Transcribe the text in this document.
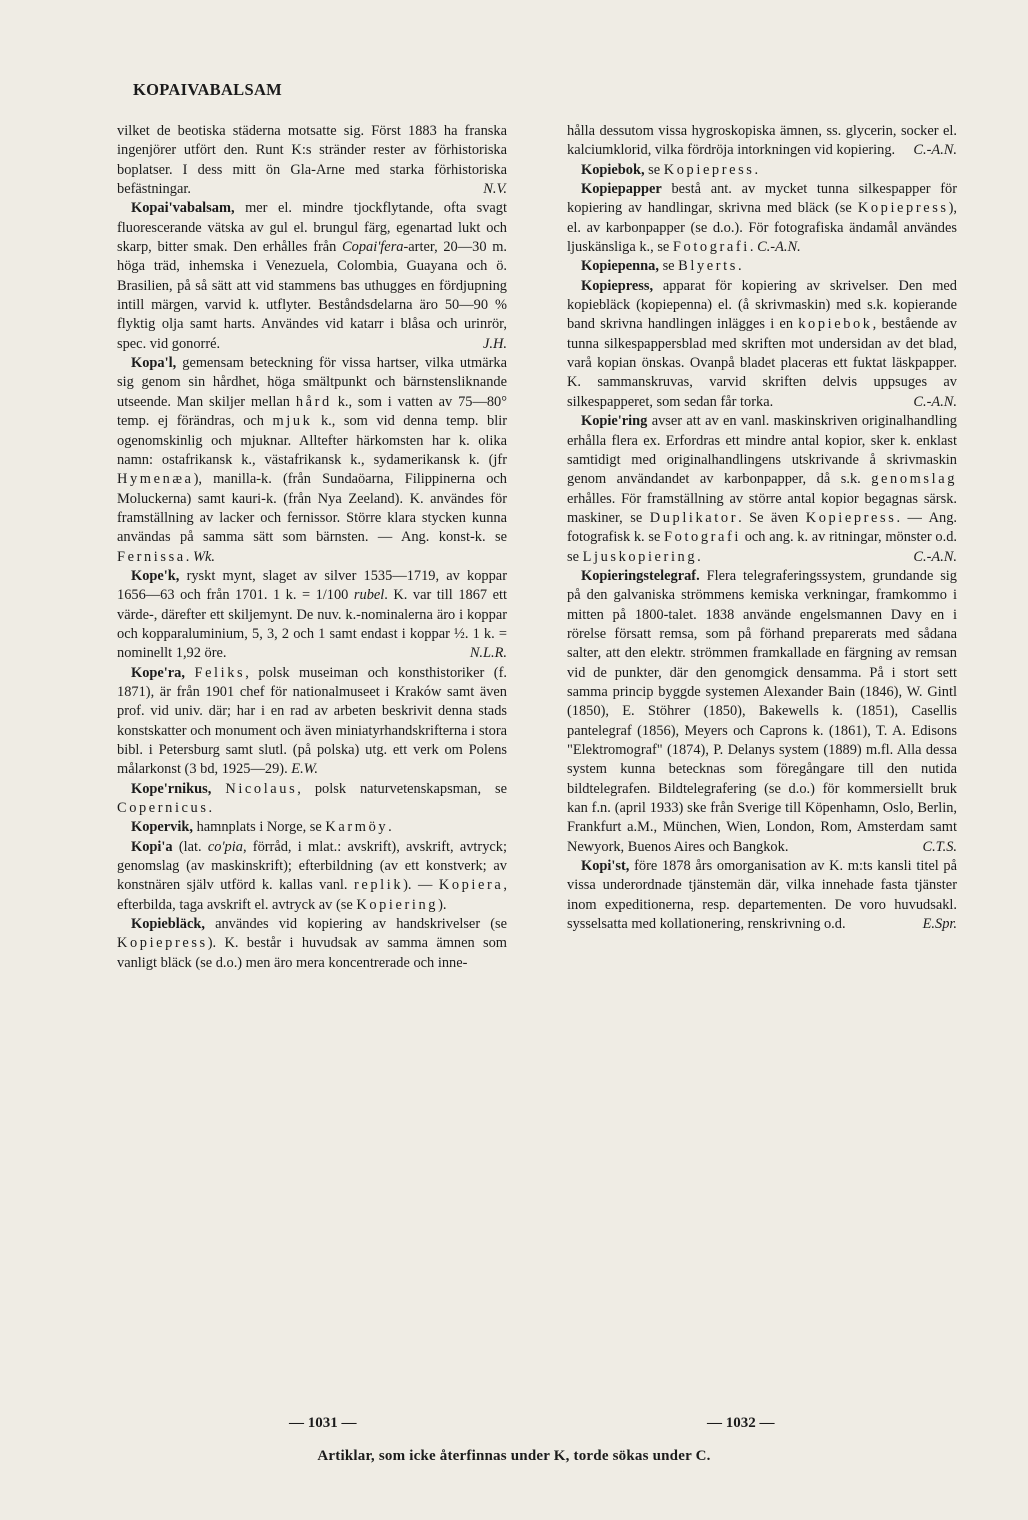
KOPAIVABALSAM

vilket de beotiska städerna motsatte sig. Först 1883 ha franska ingenjörer utfört den. Runt K:s stränder rester av förhistoriska boplatser. I dess mitt ön Gla-Arne med starka förhistoriska befästningar.	N.V.

Kopai'vabalsam, mer el. mindre tjockflytande, ofta svagt fluorescerande vätska av gul el. brungul färg, egenartad lukt och skarp, bitter smak. Den erhålles från Copai'fera-arter, 20—30 m. höga träd, inhemska i Venezuela, Colombia, Guayana och ö. Brasilien, på så sätt att vid stammens bas uthugges en fördjupning intill märgen, varvid k. utflyter. Beståndsdelarna äro 50—90 % flyktig olja samt harts. Användes vid katarr i blåsa och urinrör, spec. vid gonorré.	J.H.

Kopa'l, gemensam beteckning för vissa hartser, vilka utmärka sig genom sin hårdhet, höga smältpunkt och bärnstensliknande utseende. Man skiljer mellan hård k., som i vatten av 75—80° temp. ej förändras, och mjuk k., som vid denna temp. blir ogenomskinlig och mjuknar. Alltefter härkomsten har k. olika namn: ostafrikansk k., västafrikansk k., sydamerikansk k. (jfr Hymenæa), manilla-k. (från Sundaöarna, Filippinerna och Moluckerna) samt kauri-k. (från Nya Zeeland). K. användes för framställning av lacker och fernissor. Större klara stycken kunna användas på samma sätt som bärnsten. — Ang. konst-k. se Fernissa. Wk.

Kope'k, ryskt mynt, slaget av silver 1535—1719, av koppar 1656—63 och från 1701. 1 k. = 1/100 rubel. K. var till 1867 ett värde-, därefter ett skiljemynt. De nuv. k.-nominalerna äro i koppar och kopparaluminium, 5, 3, 2 och 1 samt endast i koppar ½. 1 k. = nominellt 1,92 öre.	N.L.R.

Kope'ra, Feliks, polsk museiman och konsthistoriker (f. 1871), är från 1901 chef för nationalmuseet i Kraków samt även prof. vid univ. där; har i en rad av arbeten beskrivit denna stads konstskatter och monument och även miniatyrhandskrifterna i stora bibl. i Petersburg samt slutl. (på polska) utg. ett verk om Polens målarkonst (3 bd, 1925—29). E.W.

Kope'rnikus, Nicolaus, polsk naturvetenskapsman, se Copernicus.

Kopervik, hamnplats i Norge, se Karmöy.

Kopi'a (lat. co'pia, förråd, i mlat.: avskrift), avskrift, avtryck; genomslag (av maskinskrift); efterbildning (av ett konstverk; av konstnären själv utförd k. kallas vanl. replik). — Kopiera, efterbilda, taga avskrift el. avtryck av (se Kopiering).

Kopiebläck, användes vid kopiering av handskrivelser (se Kopiepress). K. består i huvudsak av samma ämnen som vanligt bläck (se d.o.) men äro mera koncentrerade och inne-

hålla dessutom vissa hygroskopiska ämnen, ss. glycerin, socker el. kalciumklorid, vilka fördröja intorkningen vid kopiering.	C.-A.N.

Kopiebok, se Kopiepress.

Kopiepapper bestå ant. av mycket tunna silkespapper för kopiering av handlingar, skrivna med bläck (se Kopiepress), el. av karbonpapper (se d.o.). För fotografiska ändamål användes ljuskänsliga k., se Fotografi. C.-A.N.

Kopiepenna, se Blyerts.

Kopiepress, apparat för kopiering av skrivelser. Den med kopiebläck (kopiepenna) el. (å skrivmaskin) med s.k. kopierande band skrivna handlingen inlägges i en kopiebok, bestående av tunna silkespappersblad med skriften mot undersidan av det blad, varå kopian önskas. Ovanpå bladet placeras ett fuktat läskpapper. K. sammanskruvas, varvid skriften delvis uppsuges av silkespapperet, som sedan får torka.	C.-A.N.

Kopie'ring avser att av en vanl. maskinskriven originalhandling erhålla flera ex. Erfordras ett mindre antal kopior, sker k. enklast samtidigt med originalhandlingens utskrivande å skrivmaskin genom användandet av karbonpapper, då s.k. genomslag erhålles. För framställning av större antal kopior begagnas särsk. maskiner, se Duplikator. Se även Kopiepress. — Ang. fotografisk k. se Fotografi och ang. k. av ritningar, mönster o.d. se Ljuskopiering.	C.-A.N.

Kopieringstelegraf. Flera telegraferingssystem, grundande sig på den galvaniska strömmens kemiska verkningar, framkommo i mitten på 1800-talet. 1838 använde engelsmannen Davy en i rörelse försatt remsa, som på förhand preparerats med sådana salter, att den elektr. strömmen framkallade en färgning av remsan vid de punkter, där den genomgick densamma. På i stort sett samma princip byggde systemen Alexander Bain (1846), W. Gintl (1850), E. Stöhrer (1850), Bakewells k. (1851), Casellis pantelegraf (1856), Meyers och Caprons k. (1861), T. A. Edisons "Elektromograf" (1874), P. Delanys system (1889) m.fl. Alla dessa system kunna betecknas som föregångare till den nutida bildtelegrafen. Bildtelegrafering (se d.o.) för kommersiellt bruk kan f.n. (april 1933) ske från Sverige till Köpenhamn, Oslo, Berlin, Frankfurt a.M., München, Wien, London, Rom, Amsterdam samt Newyork, Buenos Aires och Bangkok.	C.T.S.

Kopi'st, före 1878 års omorganisation av K. m:ts kansli titel på vissa underordnade tjänstemän där, vilka innehade fasta tjänster inom expeditionerna, resp. departementen. De voro huvudsakl. sysselsatta med kollationering, renskrivning o.d.	E.Spr.

— 1031 —	— 1032 —
Artiklar, som icke återfinnas under K, torde sökas under C.
